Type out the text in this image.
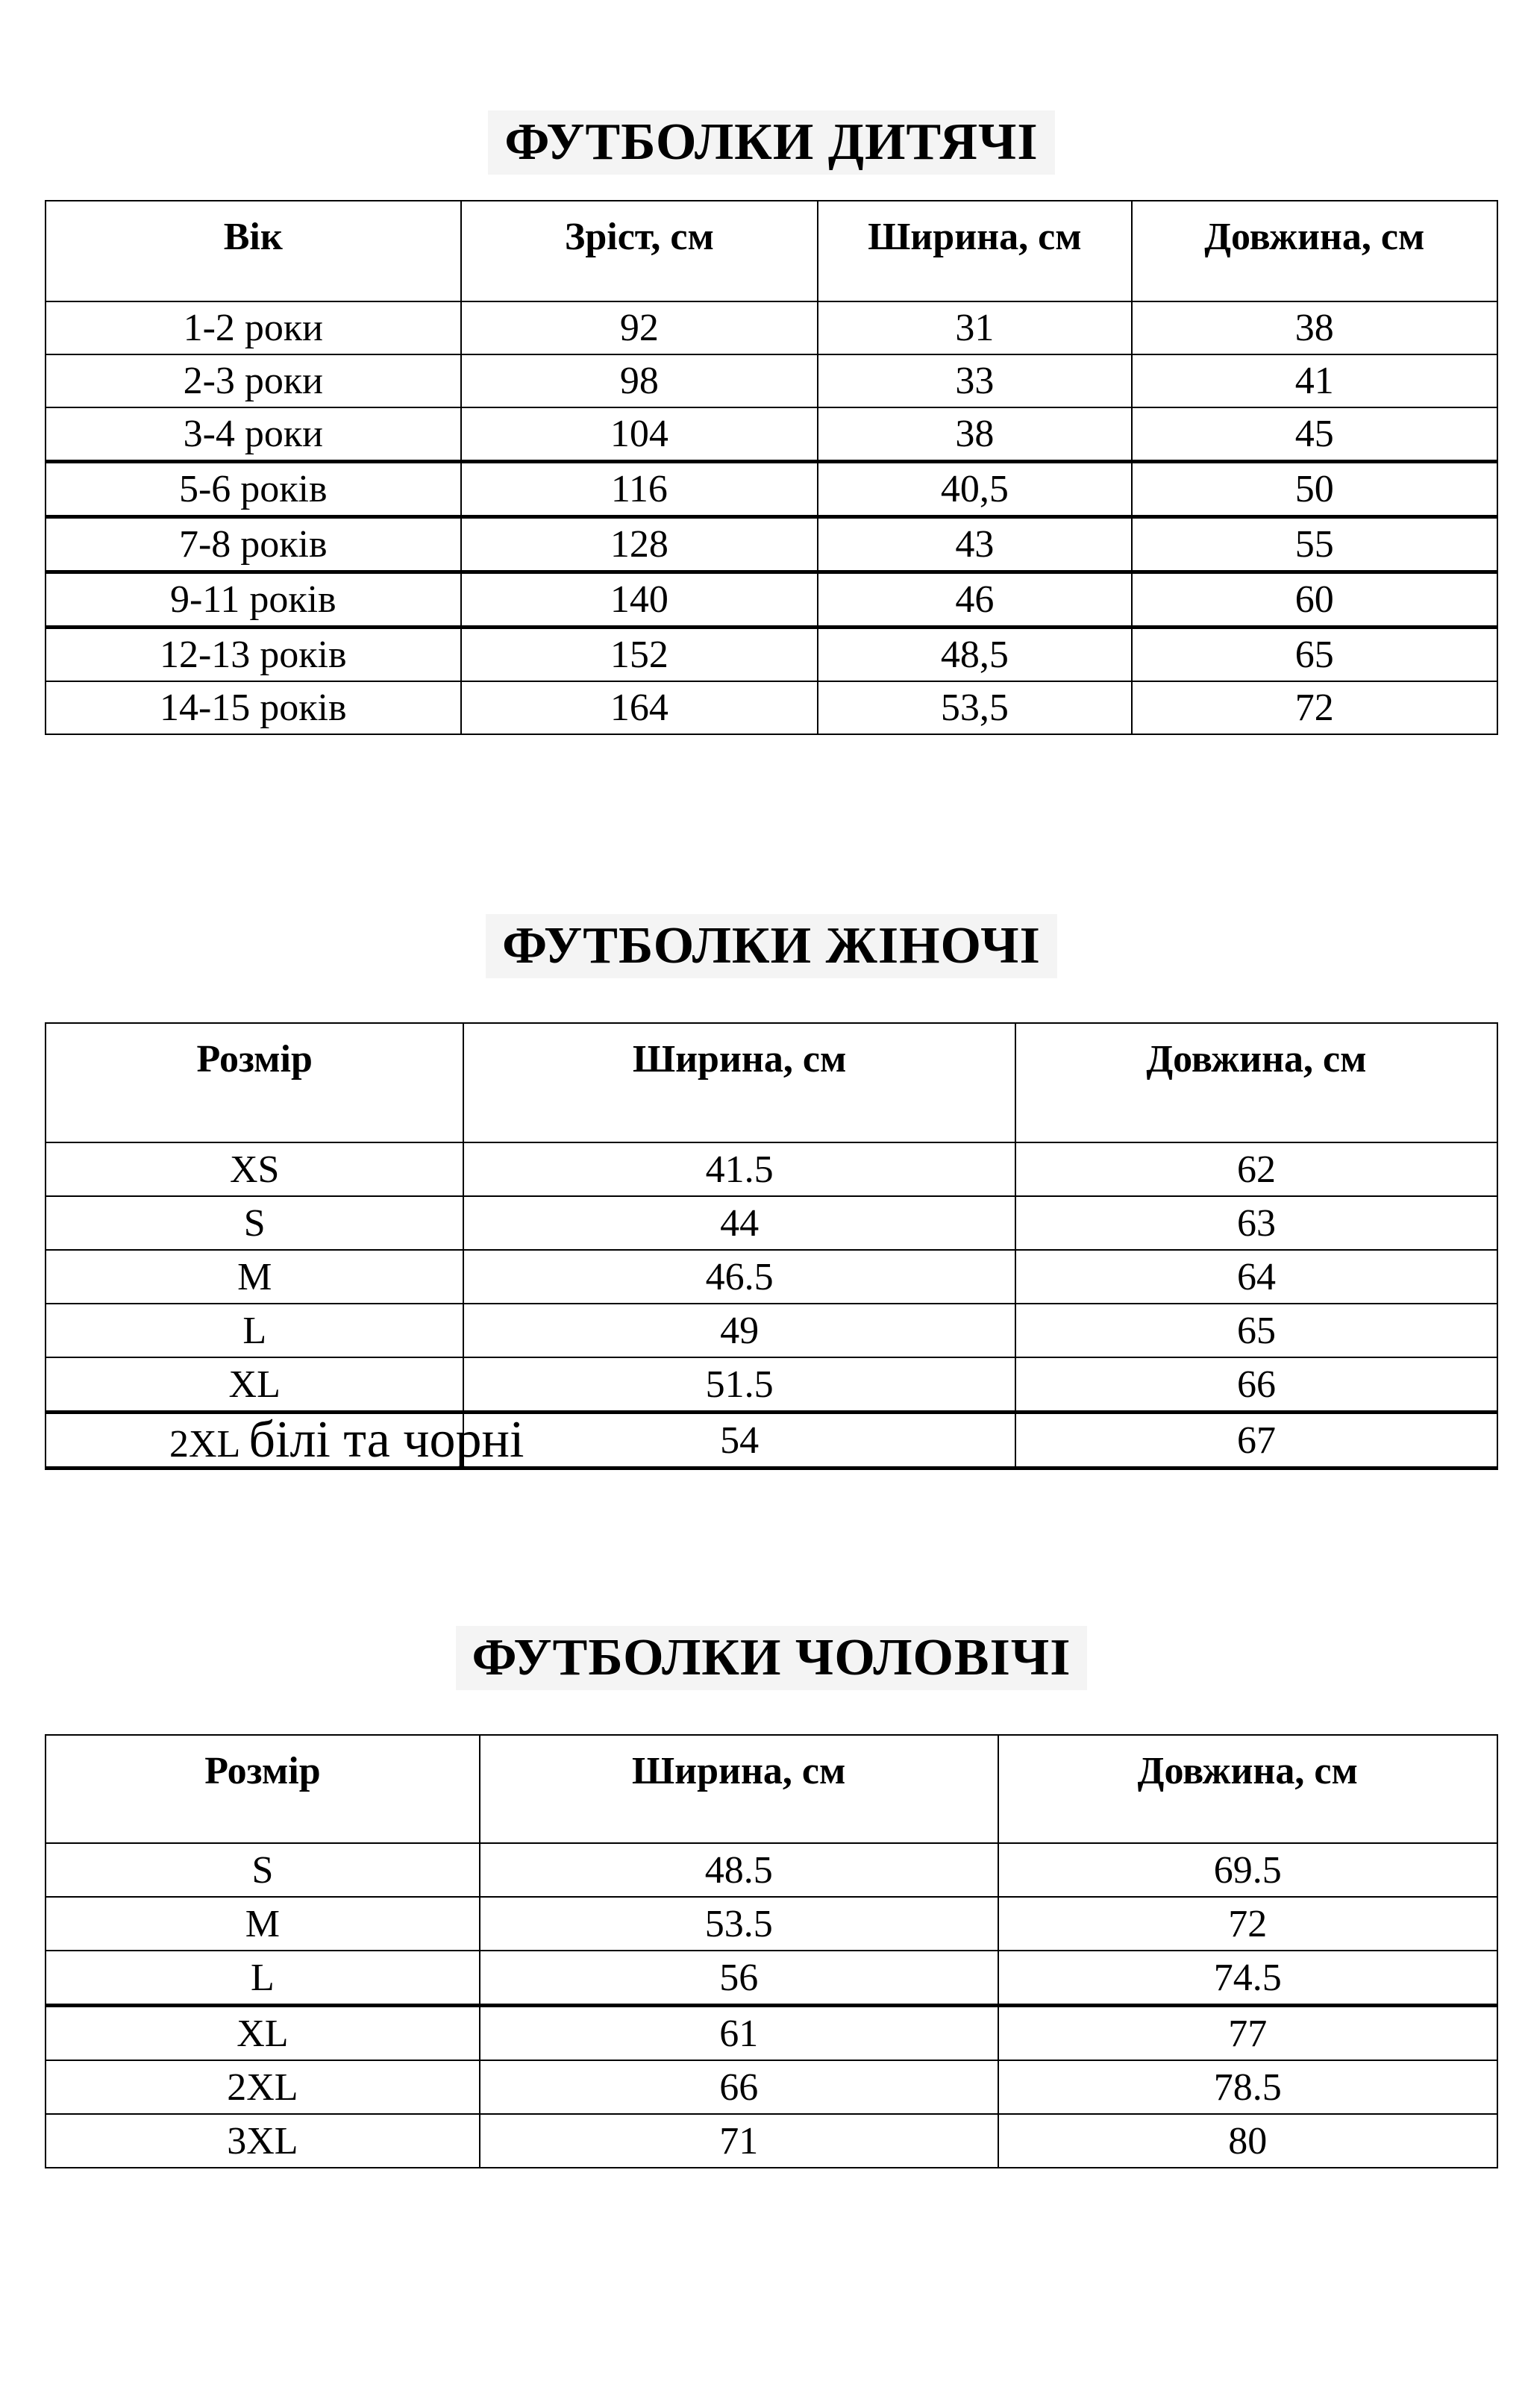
ФУТБОЛКИ ДИТЯЧІ
Вік	Зріст, см	Ширина, см	Довжина, см
1-2 роки	92	31	38
2-3 роки	98	33	41
3-4 роки	104	38	45
5-6 років	116	40,5	50
7-8 років	128	43	55
9-11 років	140	46	60
12-13 років	152	48,5	65
14-15 років	164	53,5	72
ФУТБОЛКИ ЖІНОЧІ
Розмір	Ширина, см	Довжина, см
XS	41.5	62
S	44	63
M	46.5	64
L	49	65
XL	51.5	66
2XL білі та чорні	54	67
ФУТБОЛКИ ЧОЛОВІЧІ
Розмір	Ширина, см	Довжина, см
S	48.5	69.5
M	53.5	72
L	56	74.5
XL	61	77
2XL	66	78.5
3XL	71	80
